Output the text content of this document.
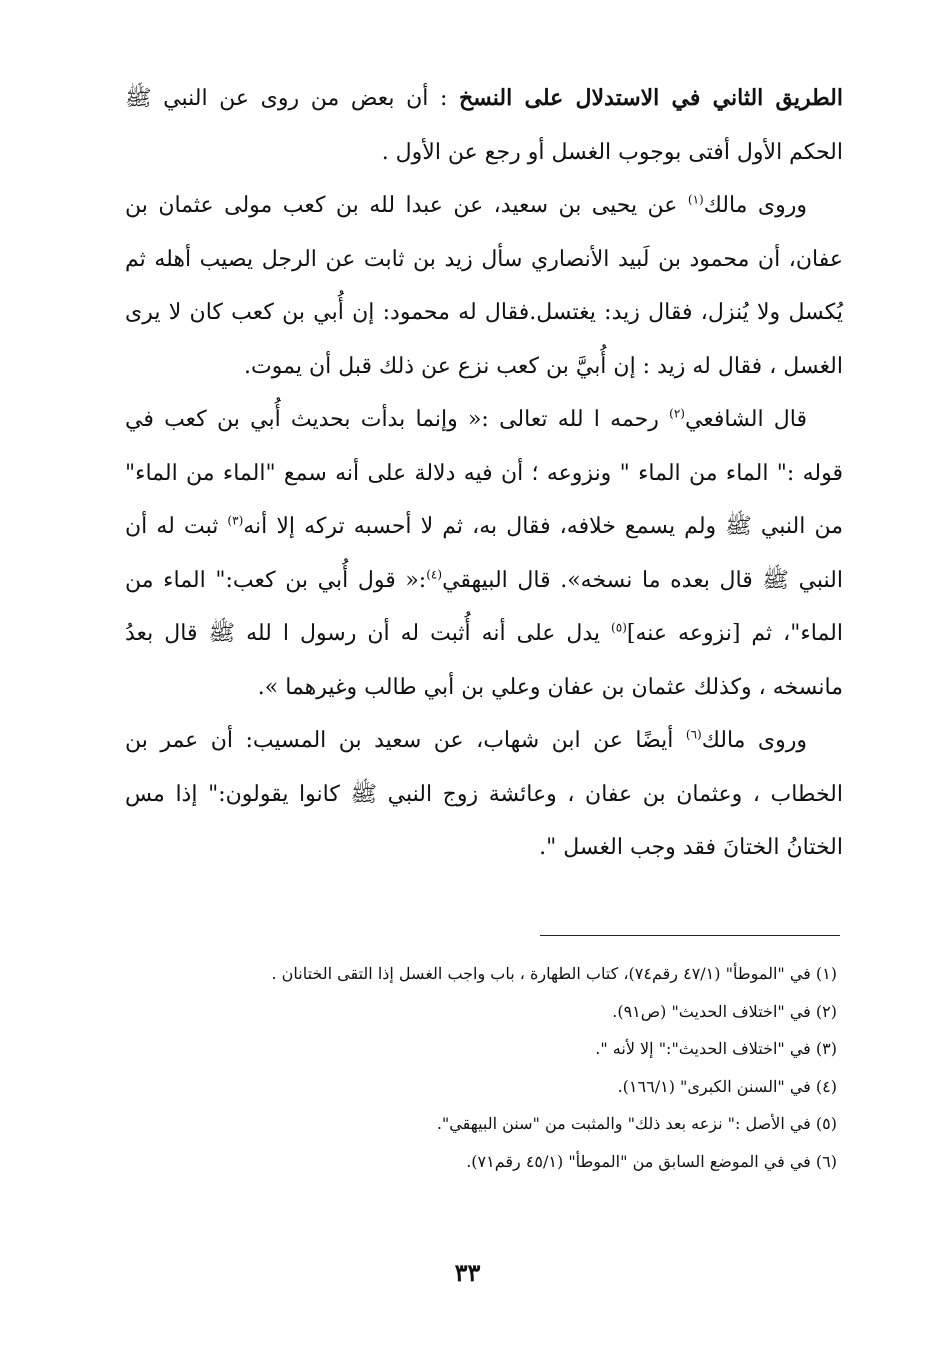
الطريق الثاني في الاستدلال على النسخ : أن بعض من روى عن النبي ﷺ الحكم الأول أفتى بوجوب الغسل أو رجع عن الأول .

وروى مالك$^{(١)}$ عن يحيى بن سعيد، عن عبدا لله بن كعب مولى عثمان بن عفان، أن محمود بن لَبيد الأنصاري سأل زيد بن ثابت عن الرجل يصيب أهله ثم يُكسل ولا يُنزل، فقال زيد: يغتسل.فقال له محمود: إن أُبي بن كعب كان لا يرى الغسل ، فقال له زيد : إن أُبيَّ بن كعب نزع عن ذلك قبل أن يموت.

قال الشافعي$^{(٢)}$ رحمه ا لله تعالى :« وإنما بدأت بحديث أُبي بن كعب في قوله :" الماء من الماء " ونزوعه ؛ أن فيه دلالة على أنه سمع "الماء من الماء" من النبي ﷺ ولم يسمع خلافه، فقال به، ثم لا أحسبه تركه إلا أنه$^{(٣)}$ ثبت له أن النبي ﷺ قال بعده ما نسخه». قال البيهقي$^{(٤)}$:« قول أُبي بن كعب:" الماء من الماء"، ثم [نزوعه عنه]$^{(٥)}$ يدل على أنه أُثبت له أن رسول ا لله ﷺ قال بعدُ مانسخه ، وكذلك عثمان بن عفان وعلي بن أبي طالب وغيرهما ».

وروى مالك$^{(٦)}$ أيضًا عن ابن شهاب، عن سعيد بن المسيب: أن عمر بن الخطاب ، وعثمان بن عفان ، وعائشة زوج النبي ﷺ كانوا يقولون:" إذا مس الختانُ الختانَ فقد وجب الغسل ".

(١) في "الموطأ" (٤٧/١ رقم٧٤)، كتاب الطهارة ، باب واجب الغسل إذا التقى الختانان .
(٢) في "اختلاف الحديث" (ص٩١).
(٣) في "اختلاف الحديث":" إلا لأنه ".
(٤) في "السنن الكبرى" (١٦٦/١).
(٥) في الأصل :" نزعه بعد ذلك" والمثبت من "سنن البيهقي".
(٦) في في الموضع السابق من "الموطأ" (٤٥/١ رقم٧١).
٣٣
